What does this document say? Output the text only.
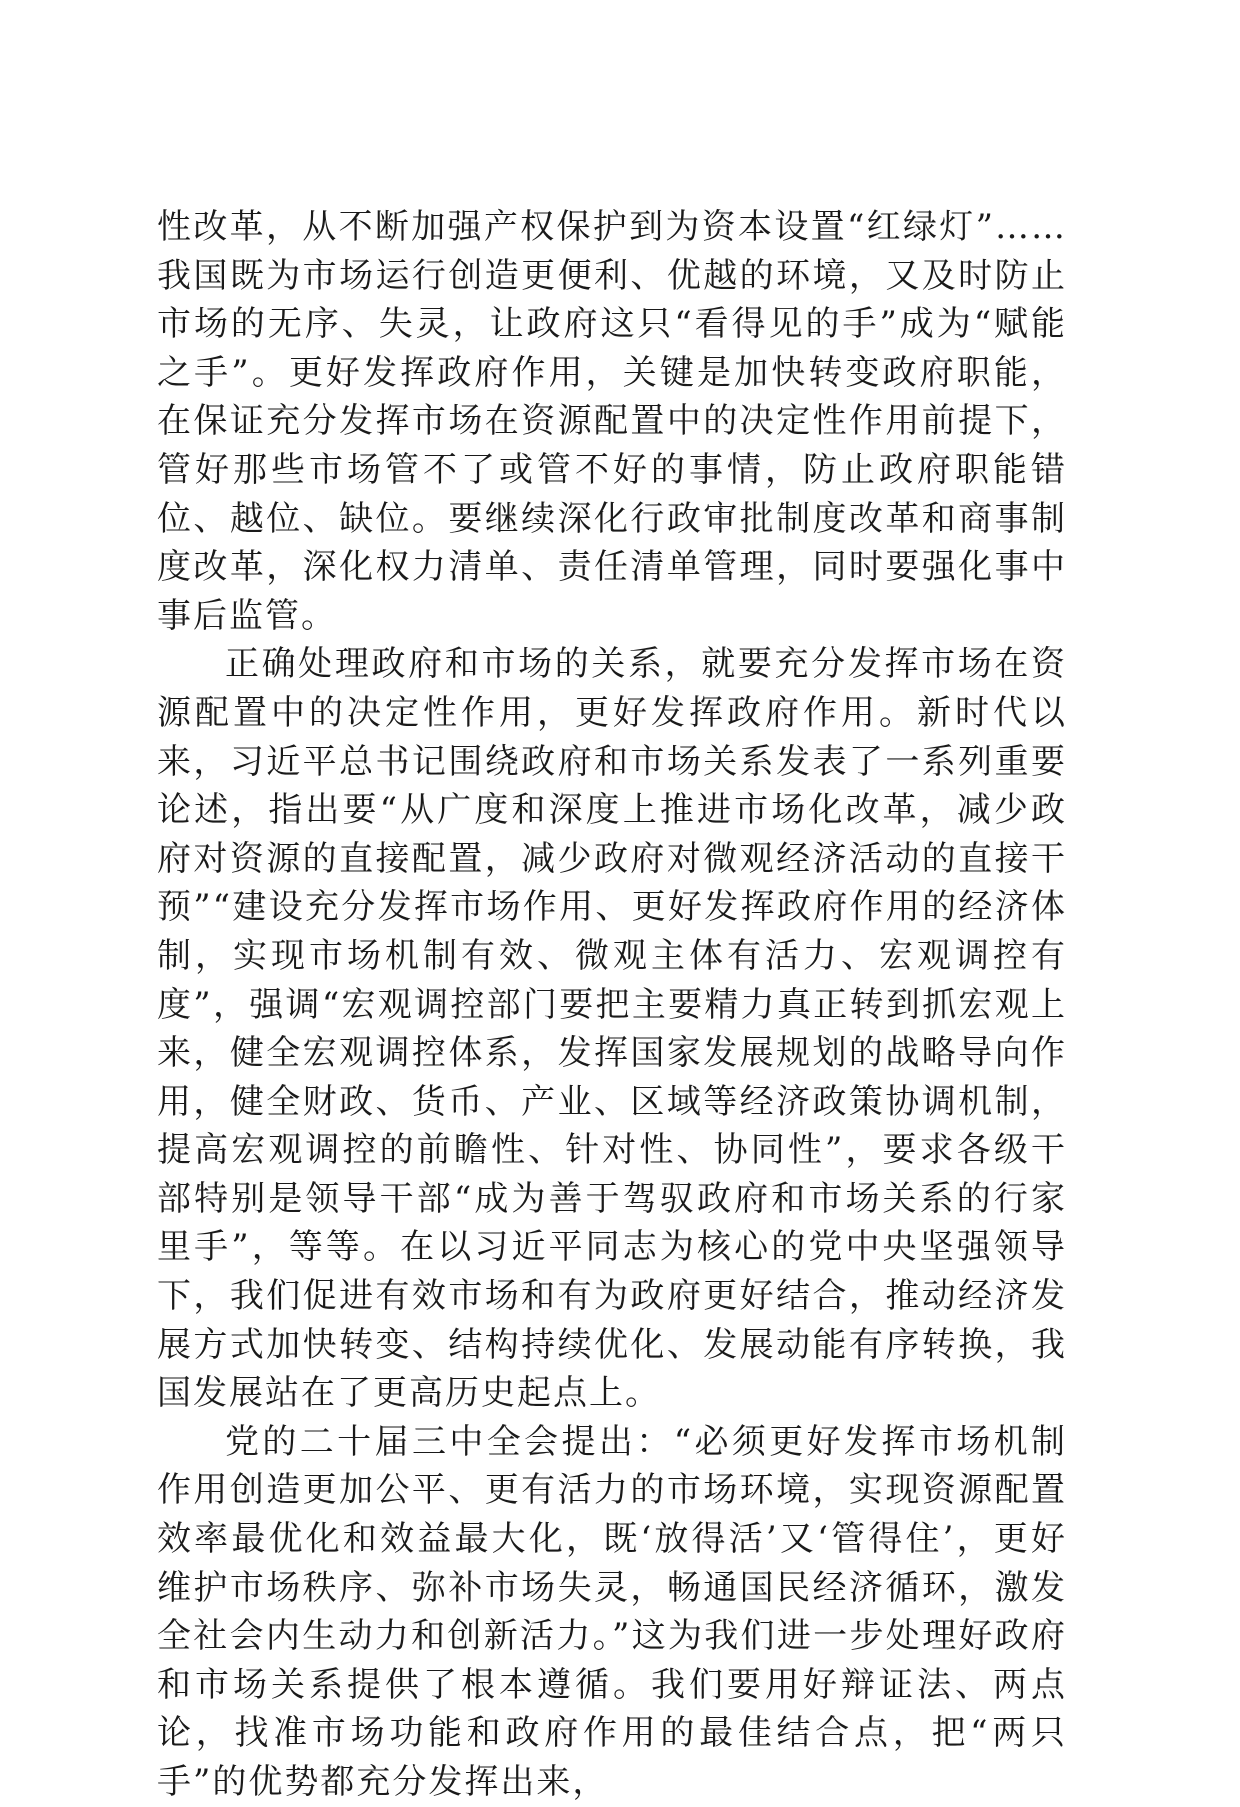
性改革，从不断加强产权保护到为资本设置“红绿灯”……我国既为市场运行创造更便利、优越的环境，又及时防止市场的无序、失灵，让政府这只“看得见的手”成为“赋能之手”。更好发挥政府作用，关键是加快转变政府职能，在保证充分发挥市场在资源配置中的决定性作用前提下，管好那些市场管不了或管不好的事情，防止政府职能错位、越位、缺位。要继续深化行政审批制度改革和商事制度改革，深化权力清单、责任清单管理，同时要强化事中事后监管。

正确处理政府和市场的关系，就要充分发挥市场在资源配置中的决定性作用，更好发挥政府作用。新时代以来，习近平总书记围绕政府和市场关系发表了一系列重要论述，指出要“从广度和深度上推进市场化改革，减少政府对资源的直接配置，减少政府对微观经济活动的直接干预”“建设充分发挥市场作用、更好发挥政府作用的经济体制，实现市场机制有效、微观主体有活力、宏观调控有度”，强调“宏观调控部门要把主要精力真正转到抓宏观上来，健全宏观调控体系，发挥国家发展规划的战略导向作用，健全财政、货币、产业、区域等经济政策协调机制，提高宏观调控的前瞻性、针对性、协同性”，要求各级干部特别是领导干部“成为善于驾驭政府和市场关系的行家里手”，等等。在以习近平同志为核心的党中央坚强领导下，我们促进有效市场和有为政府更好结合，推动经济发展方式加快转变、结构持续优化、发展动能有序转换，我国发展站在了更高历史起点上。

党的二十届三中全会提出：“必须更好发挥市场机制作用创造更加公平、更有活力的市场环境，实现资源配置效率最优化和效益最大化，既‘放得活’又‘管得住’，更好维护市场秩序、弥补市场失灵，畅通国民经济循环，激发全社会内生动力和创新活力。”这为我们进一步处理好政府和市场关系提供了根本遵循。我们要用好辩证法、两点论，找准市场功能和政府作用的最佳结合点，把“两只手”的优势都充分发挥出来，
